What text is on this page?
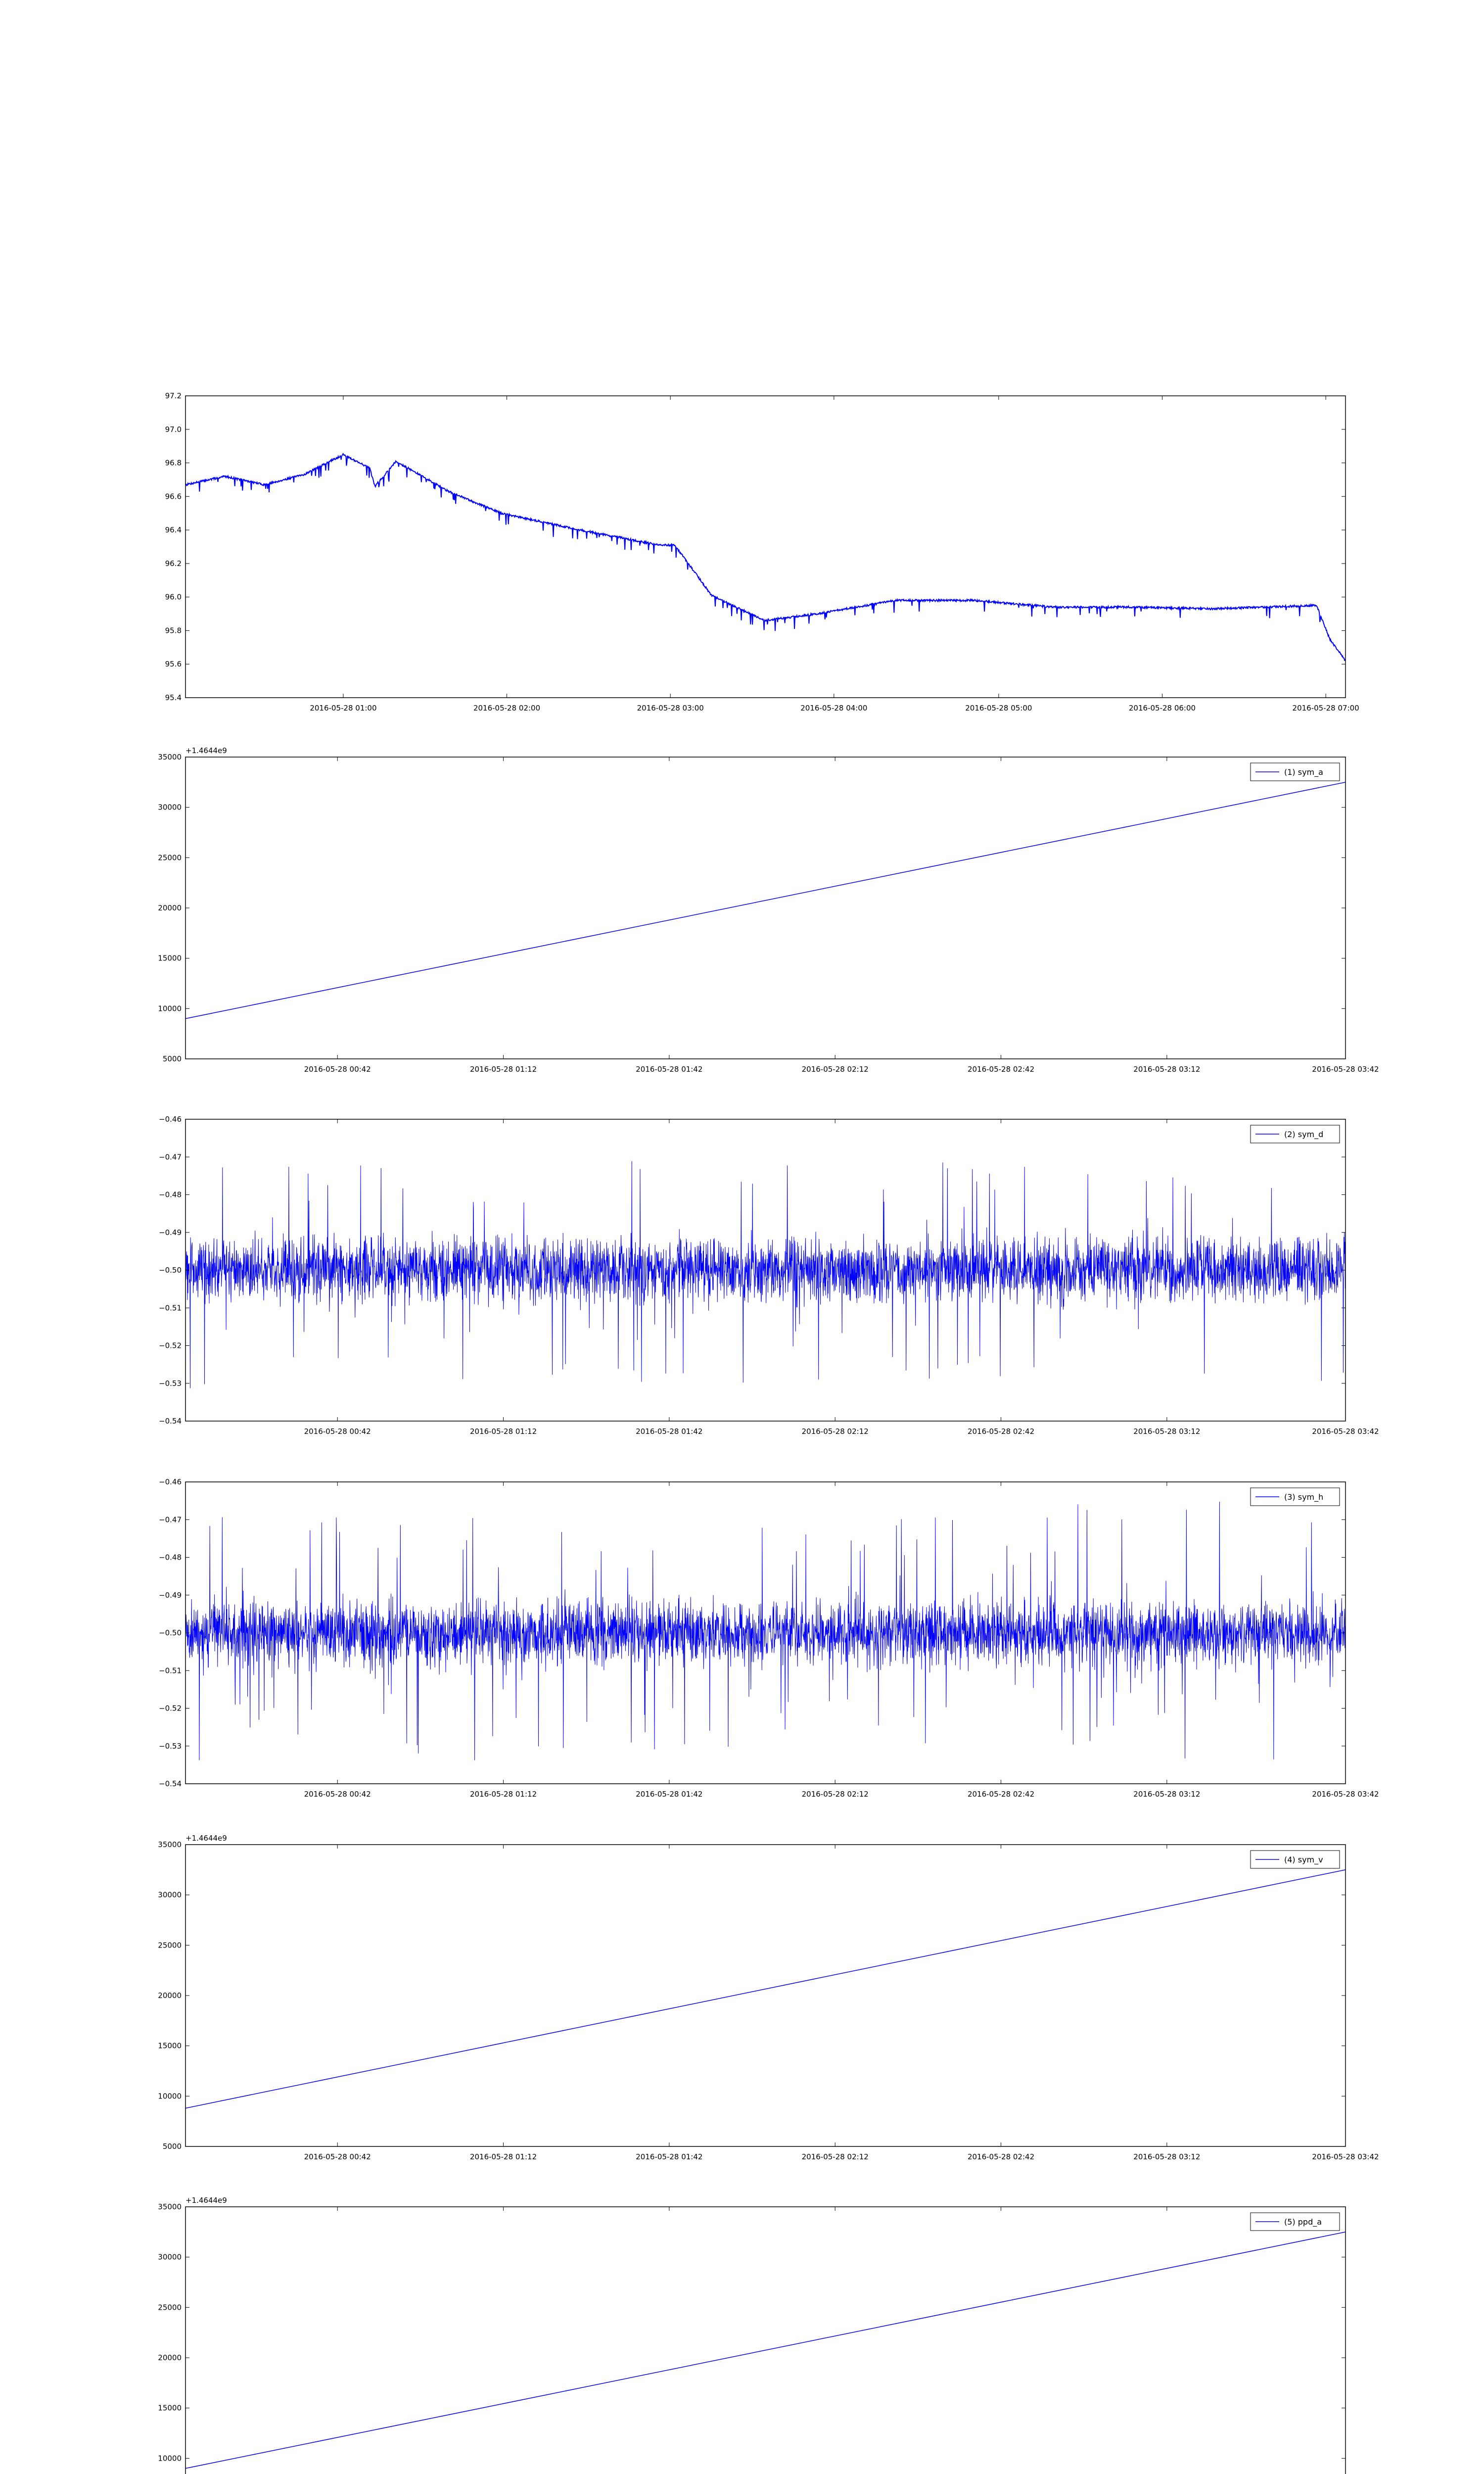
95.4
95.6
95.8
96.0
96.2
96.4
96.6
96.8
97.0
97.2
2016-05-28 01:00	2016-05-28 02:00	2016-05-28 03:00	2016-05-28 04:00	2016-05-28 05:00	2016-05-28 06:00	2016-05-28 07:00
5000
10000
15000
20000
25000
30000
35000
2016-05-28 00:42	2016-05-28 01:12	2016-05-28 01:42	2016-05-28 02:12	2016-05-28 02:42	2016-05-28 03:12	2016-05-28 03:42
+1.4644e9
(1) sym_a
−0.54
−0.53
−0.52
−0.51
−0.50
−0.49
−0.48
−0.47
−0.46
2016-05-28 00:42	2016-05-28 01:12	2016-05-28 01:42	2016-05-28 02:12	2016-05-28 02:42	2016-05-28 03:12	2016-05-28 03:42
(2) sym_d
−0.54
−0.53
−0.52
−0.51
−0.50
−0.49
−0.48
−0.47
−0.46
2016-05-28 00:42	2016-05-28 01:12	2016-05-28 01:42	2016-05-28 02:12	2016-05-28 02:42	2016-05-28 03:12	2016-05-28 03:42
(3) sym_h
5000
10000
15000
20000
25000
30000
35000
2016-05-28 00:42	2016-05-28 01:12	2016-05-28 01:42	2016-05-28 02:12	2016-05-28 02:42	2016-05-28 03:12	2016-05-28 03:42
+1.4644e9
(4) sym_v
10000
15000
20000
25000
30000
35000
+1.4644e9
(5) ppd_a
